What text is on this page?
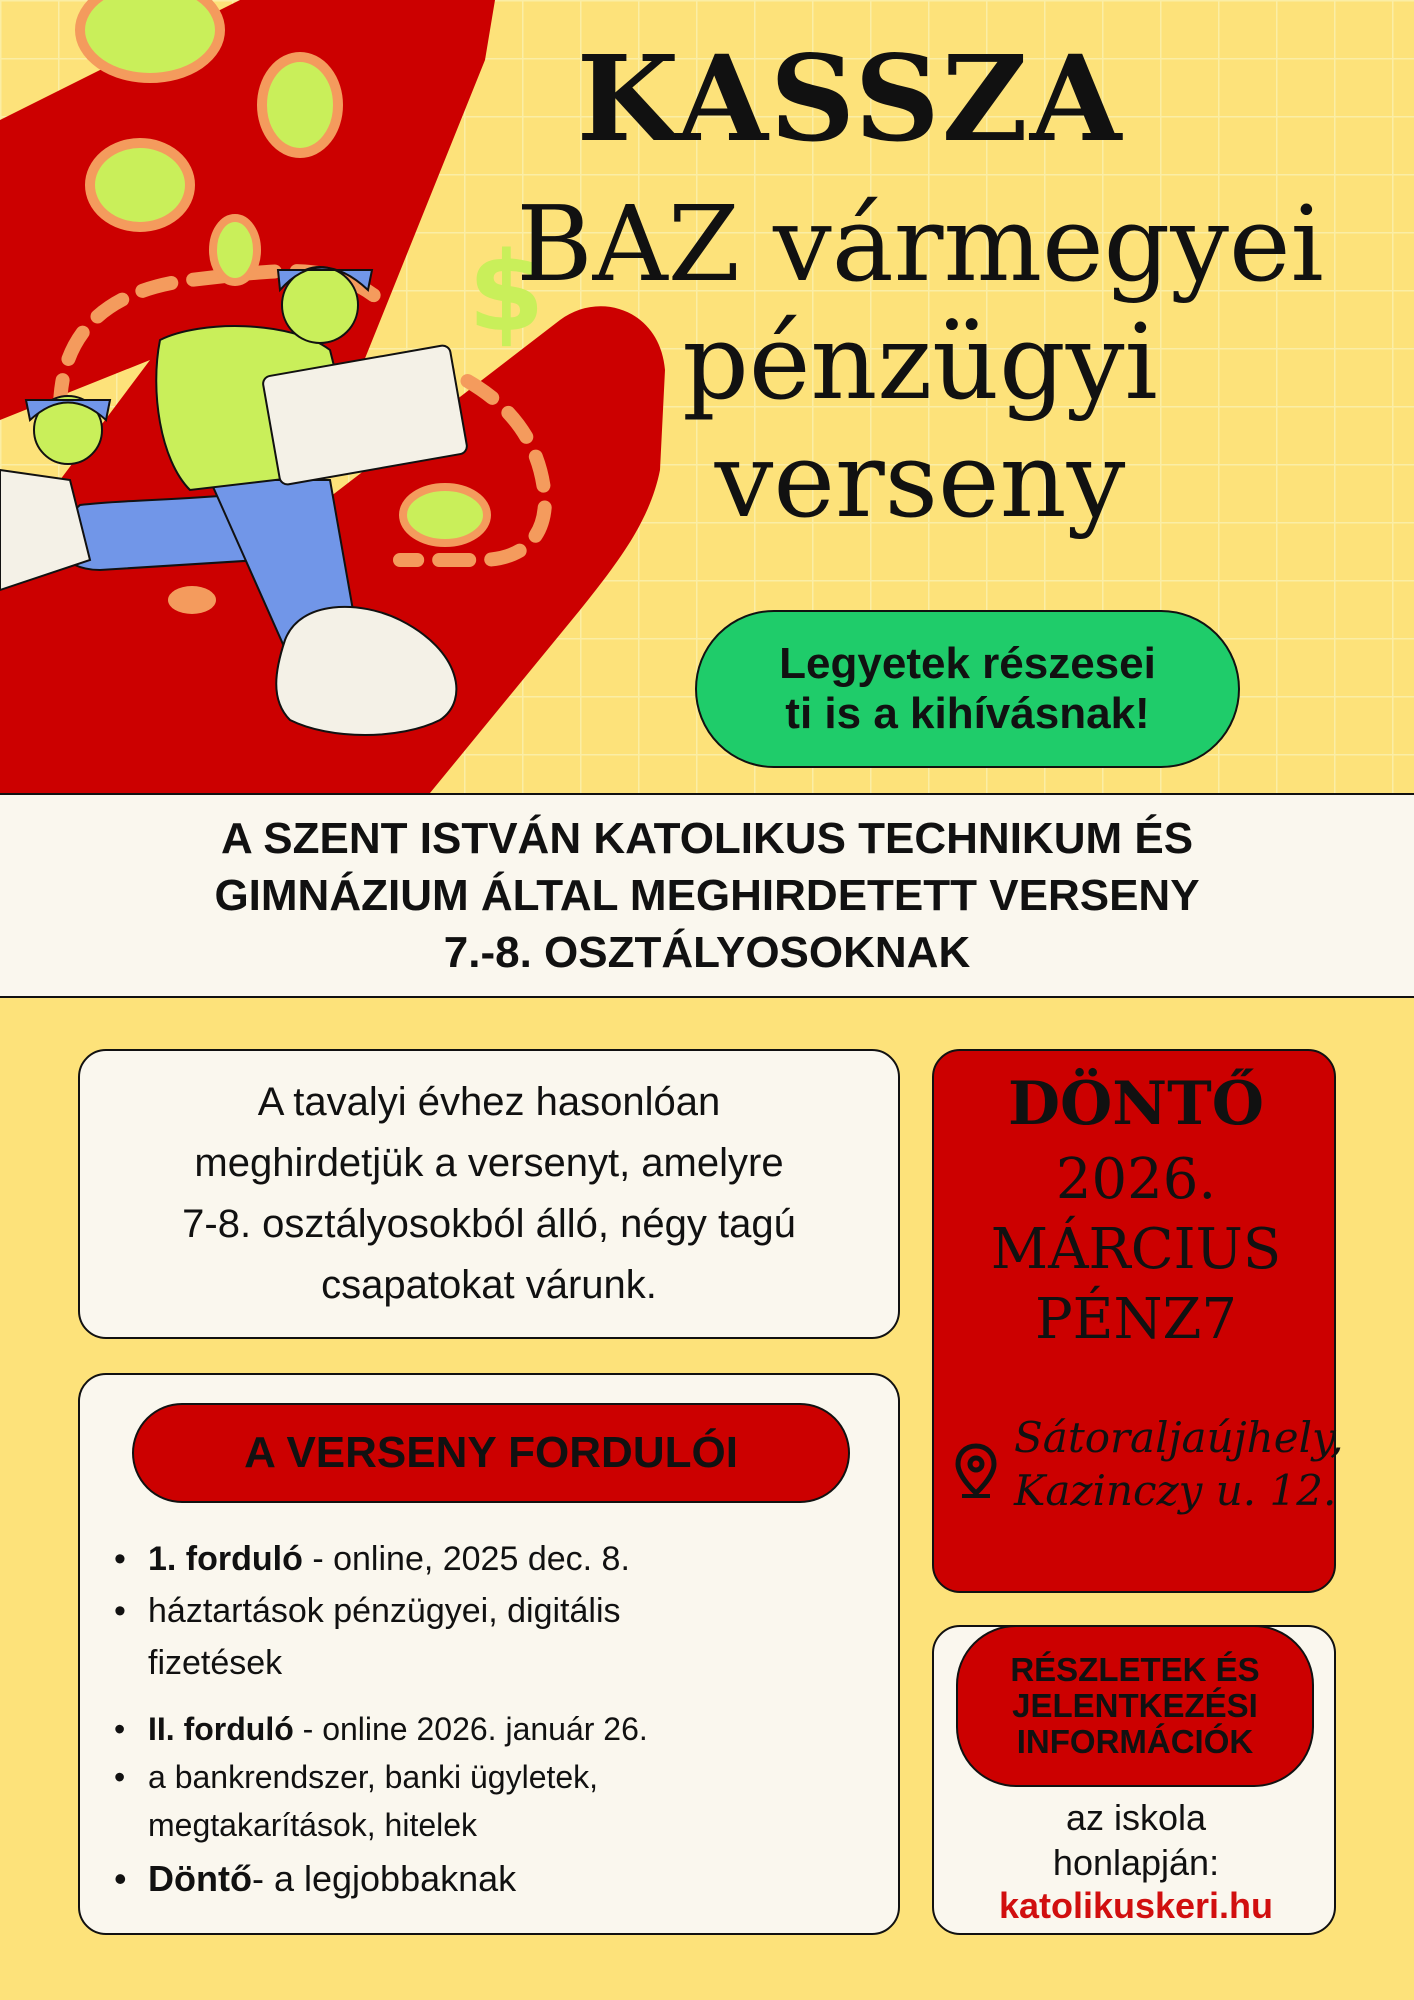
$
KASSZA
BAZ vármegyei
pénzügyi
verseny
Legyetek részesei
ti is a kihívásnak!
A SZENT ISTVÁN KATOLIKUS TECHNIKUM ÉS
GIMNÁZIUM ÁLTAL MEGHIRDETETT VERSENY
7.-8. OSZTÁLYOSOKNAK

A tavalyi évhez hasonlóan
meghirdetjük a versenyt, amelyre
7-8. osztályosokból álló, négy tagú
csapatokat várunk.

A VERSENY FORDULÓI
• 1. forduló - online, 2025 dec. 8.
• háztartások pénzügyei, digitális fizetések
• II. forduló - online 2026. január 26.
• a bankrendszer, banki ügyletek, megtakarítások, hitelek
• Döntő- a legjobbaknak
DÖNTŐ
2026.
MÁRCIUS
PÉNZ7
Sátoraljaújhely,
Kazinczy u. 12.
RÉSZLETEK ÉS
JELENTKEZÉSI
INFORMÁCIÓK
az iskola
honlapján:
katolikuskeri.hu
